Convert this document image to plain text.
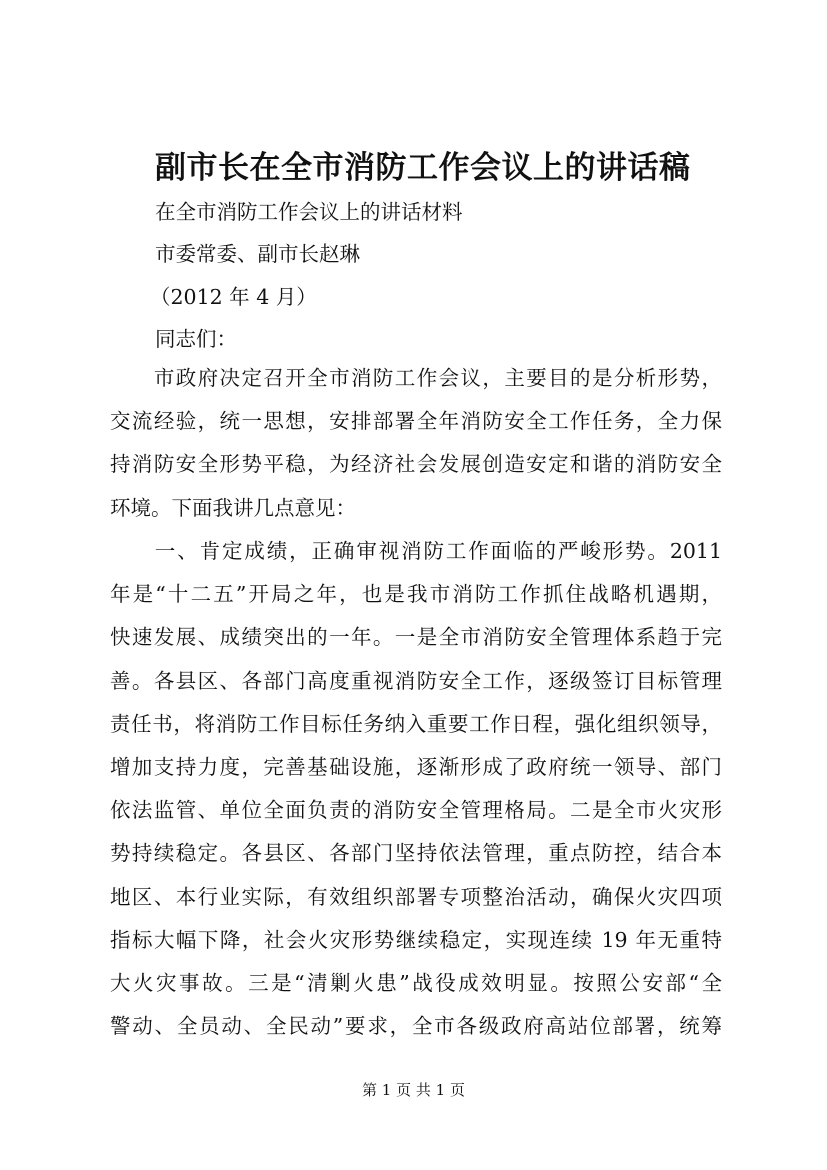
副市长在全市消防工作会议上的讲话稿
在全市消防工作会议上的讲话材料
市委常委、副市长赵琳
（2012 年 4 月）
同志们：
　　市政府决定召开全市消防工作会议，主要目的是分析形势，
交流经验，统一思想，安排部署全年消防安全工作任务，全力保
持消防安全形势平稳，为经济社会发展创造安定和谐的消防安全
环境。下面我讲几点意见：
　　一、肯定成绩，正确审视消防工作面临的严峻形势。2011
年是“十二五”开局之年，也是我市消防工作抓住战略机遇期，
快速发展、成绩突出的一年。一是全市消防安全管理体系趋于完
善。各县区、各部门高度重视消防安全工作，逐级签订目标管理
责任书，将消防工作目标任务纳入重要工作日程，强化组织领导，
增加支持力度，完善基础设施，逐渐形成了政府统一领导、部门
依法监管、单位全面负责的消防安全管理格局。二是全市火灾形
势持续稳定。各县区、各部门坚持依法管理，重点防控，结合本
地区、本行业实际，有效组织部署专项整治活动，确保火灾四项
指标大幅下降，社会火灾形势继续稳定，实现连续 19 年无重特
大火灾事故。三是“清剿火患”战役成效明显。按照公安部“全
警动、全员动、全民动”要求，全市各级政府高站位部署，统筹
第 1 页 共 1 页
